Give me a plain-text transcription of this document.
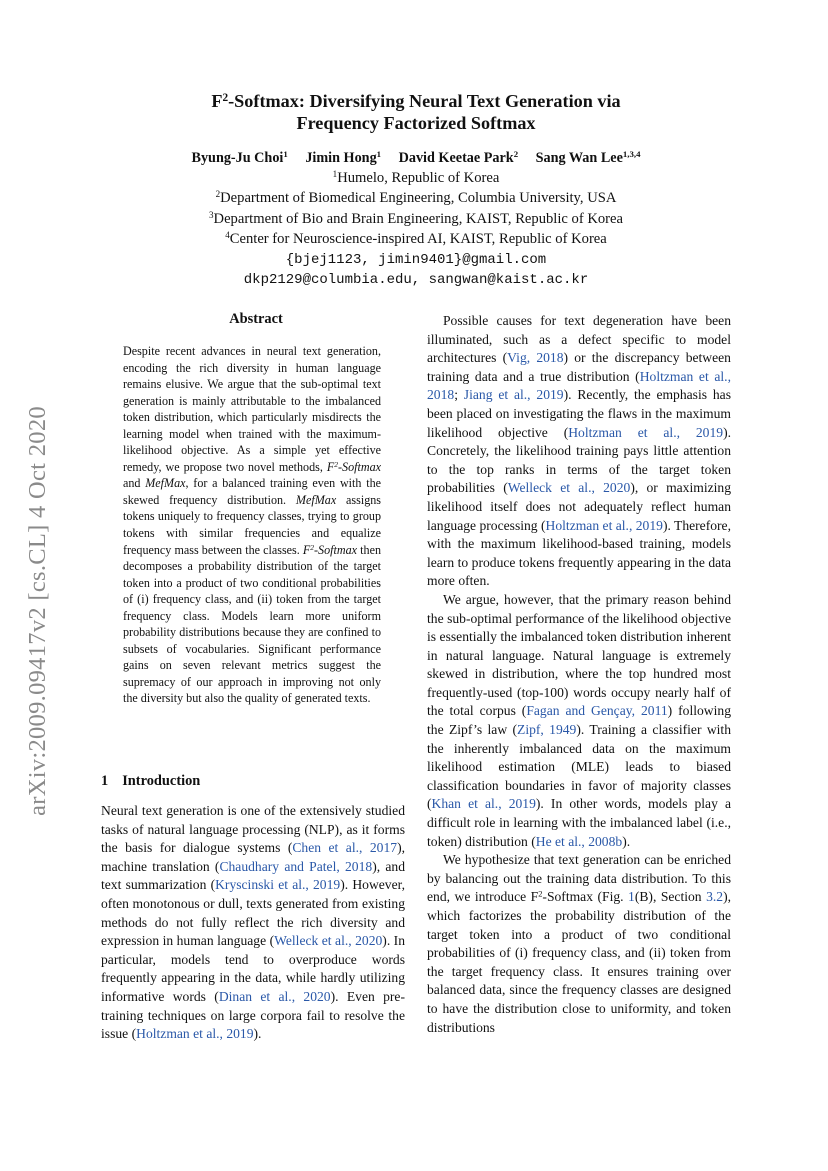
arXiv:2009.09417v2 [cs.CL] 4 Oct 2020
$F^2$-Softmax: Diversifying Neural Text Generation via
Frequency Factorized Softmax
Byung-Ju Choi$^1$ Jimin Hong$^1$ David Keetae Park$^2$ Sang Wan Lee$^{1,3,4}$
$^1$Humelo, Republic of Korea
$^2$Department of Biomedical Engineering, Columbia University, USA
$^3$Department of Bio and Brain Engineering, KAIST, Republic of Korea
$^4$Center for Neuroscience-inspired AI, KAIST, Republic of Korea
{bjej1123, jimin9401}@gmail.com
dkp2129@columbia.edu, sangwan@kaist.ac.kr
Abstract
Despite recent advances in neural text generation, encoding the rich diversity in human language remains elusive. We argue that the sub-optimal text generation is mainly attributable to the imbalanced token distribution, which particularly misdirects the learning model when trained with the maximum-likelihood objective. As a simple yet effective remedy, we propose two novel methods, $F^2$-Softmax and MefMax, for a balanced training even with the skewed frequency distribution. MefMax assigns tokens uniquely to frequency classes, trying to group tokens with similar frequencies and equalize frequency mass between the classes. $F^2$-Softmax then decomposes a probability distribution of the target token into a product of two conditional probabilities of (i) frequency class, and (ii) token from the target frequency class. Models learn more uniform probability distributions because they are confined to subsets of vocabularies. Significant performance gains on seven relevant metrics suggest the supremacy of our approach in improving not only the diversity but also the quality of generated texts.
1 Introduction

Neural text generation is one of the extensively studied tasks of natural language processing (NLP), as it forms the basis for dialogue systems (Chen et al., 2017), machine translation (Chaudhary and Patel, 2018), and text summarization (Kryscinski et al., 2019). However, often monotonous or dull, texts generated from existing methods do not fully reflect the rich diversity and expression in human language (Welleck et al., 2020). In particular, models tend to overproduce words frequently appearing in the data, while hardly utilizing informative words (Dinan et al., 2020). Even pre-training techniques on large corpora fail to resolve the issue (Holtzman et al., 2019).

Possible causes for text degeneration have been illuminated, such as a defect specific to model architectures (Vig, 2018) or the discrepancy between training data and a true distribution (Holtzman et al., 2018; Jiang et al., 2019). Recently, the emphasis has been placed on investigating the flaws in the maximum likelihood objective (Holtzman et al., 2019). Concretely, the likelihood training pays little attention to the top ranks in terms of the target token probabilities (Welleck et al., 2020), or maximizing likelihood itself does not adequately reflect human language processing (Holtzman et al., 2019). Therefore, with the maximum likelihood-based training, models learn to produce tokens frequently appearing in the data more often.

We argue, however, that the primary reason behind the sub-optimal performance of the likelihood objective is essentially the imbalanced token distribution inherent in natural language. Natural language is extremely skewed in distribution, where the top hundred most frequently-used (top-100) words occupy nearly half of the total corpus (Fagan and Gençay, 2011) following the Zipf’s law (Zipf, 1949). Training a classifier with the inherently imbalanced data on the maximum likelihood estimation (MLE) leads to biased classification boundaries in favor of majority classes (Khan et al., 2019). In other words, models play a difficult role in learning with the imbalanced label (i.e., token) distribution (He et al., 2008b).

We hypothesize that text generation can be enriched by balancing out the training data distribution. To this end, we introduce $F^2$-Softmax (Fig. 1(B), Section 3.2), which factorizes the probability distribution of the target token into a product of two conditional probabilities of (i) frequency class, and (ii) token from the target frequency class. It ensures training over balanced data, since the frequency classes are designed to have the distribution close to uniformity, and token distributions
